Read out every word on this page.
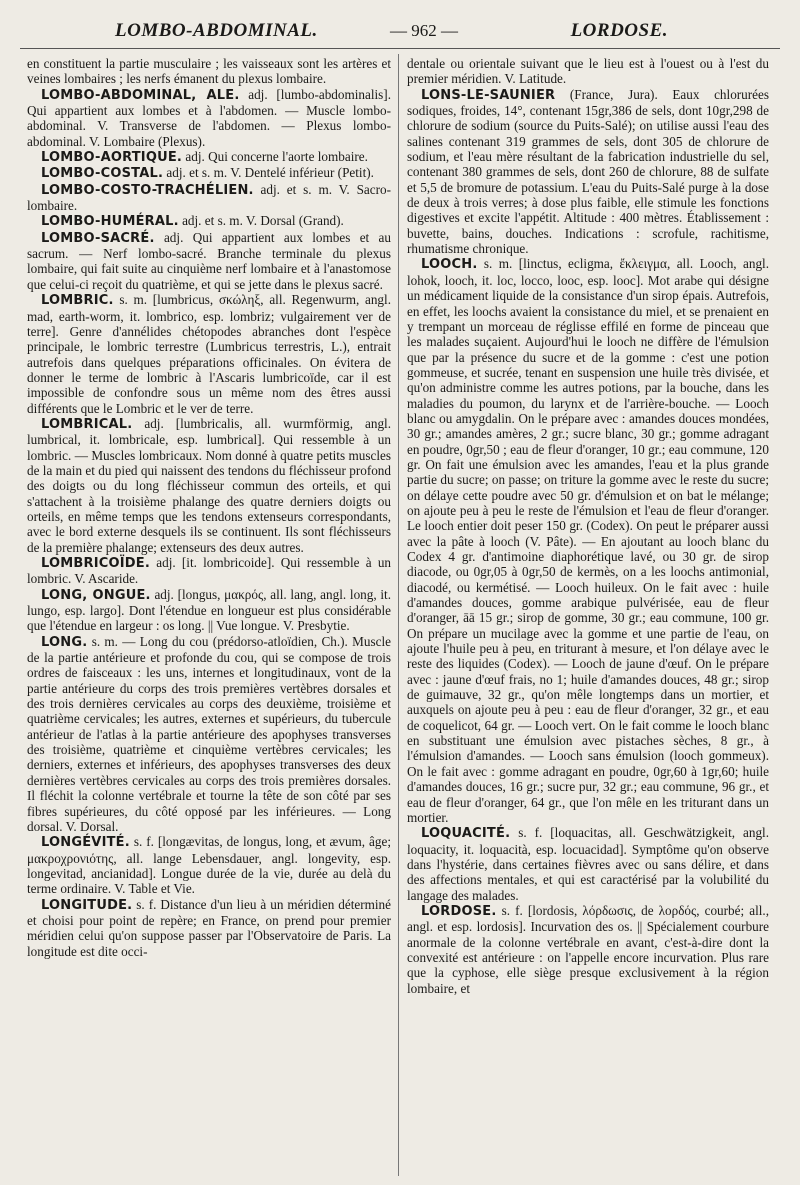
LOMBO-ABDOMINAL.	— 962 —	LORDOSE.

en constituent la partie musculaire ; les vaisseaux sont les artères et veines lombaires ; les nerfs émanent du plexus lombaire.

LOMBO-ABDOMINAL, ALE. adj. [lumbo-abdominalis]. Qui appartient aux lombes et à l'abdomen. — Muscle lombo-abdominal. V. Transverse de l'abdomen. — Plexus lombo-abdominal. V. Lombaire (Plexus).

LOMBO-AORTIQUE. adj. Qui concerne l'aorte lombaire.

LOMBO-COSTAL. adj. et s. m. V. Dentelé inférieur (Petit).

LOMBO-COSTO-TRACHÉLIEN. adj. et s. m. V. Sacro-lombaire.

LOMBO-HUMÉRAL. adj. et s. m. V. Dorsal (Grand).

LOMBO-SACRÉ. adj. Qui appartient aux lombes et au sacrum. — Nerf lombo-sacré. Branche terminale du plexus lombaire, qui fait suite au cinquième nerf lombaire et à l'anastomose que celui-ci reçoit du quatrième, et qui se jette dans le plexus sacré.

LOMBRIC. s. m. [lumbricus, σκώληξ, all. Regenwurm, angl. mad, earth-worm, it. lombrico, esp. lombriz; vulgairement ver de terre]. Genre d'annélides chétopodes abranches dont l'espèce principale, le lombric terrestre (Lumbricus terrestris, L.), entrait autrefois dans quelques préparations officinales. On évitera de donner le terme de lombric à l'Ascaris lumbricoïde, car il est impossible de confondre sous un même nom des êtres aussi différents que le Lombric et le ver de terre.

LOMBRICAL. adj. [lumbricalis, all. wurmförmig, angl. lumbrical, it. lombricale, esp. lumbrical]. Qui ressemble à un lombric. — Muscles lombricaux. Nom donné à quatre petits muscles de la main et du pied qui naissent des tendons du fléchisseur profond des doigts ou du long fléchisseur commun des orteils, et qui s'attachent à la troisième phalange des quatre derniers doigts ou orteils, en même temps que les tendons extenseurs correspondants, avec le bord externe desquels ils se continuent. Ils sont fléchisseurs de la première phalange; extenseurs des deux autres.

LOMBRICOÏDE. adj. [it. lombricoide]. Qui ressemble à un lombric. V. Ascaride.

LONG, ONGUE. adj. [longus, μακρός, all. lang, angl. long, it. lungo, esp. largo]. Dont l'étendue en longueur est plus considérable que l'étendue en largeur : os long. || Vue longue. V. Presbytie.

LONG. s. m. — Long du cou (prédorso-atloïdien, Ch.). Muscle de la partie antérieure et profonde du cou, qui se compose de trois ordres de faisceaux : les uns, internes et longitudinaux, vont de la partie antérieure du corps des trois premières vertèbres dorsales et des trois dernières cervicales au corps des deuxième, troisième et quatrième cervicales; les autres, externes et supérieurs, du tubercule antérieur de l'atlas à la partie antérieure des apophyses transverses des troisième, quatrième et cinquième vertèbres cervicales; les derniers, externes et inférieurs, des apophyses transverses des deux dernières vertèbres cervicales au corps des trois premières dorsales. Il fléchit la colonne vertébrale et tourne la tête de son côté par ses fibres supérieures, du côté opposé par les inférieures. — Long dorsal. V. Dorsal.

LONGÉVITÉ. s. f. [longævitas, de longus, long, et ævum, âge; μακροχρονιότης, all. lange Lebensdauer, angl. longevity, esp. longevitad, ancianidad]. Longue durée de la vie, durée au delà du terme ordinaire. V. Table et Vie.

LONGITUDE. s. f. Distance d'un lieu à un méridien déterminé et choisi pour point de repère; en France, on prend pour premier méridien celui qu'on suppose passer par l'Observatoire de Paris. La longitude est dite occi-

dentale ou orientale suivant que le lieu est à l'ouest ou à l'est du premier méridien. V. Latitude.

LONS-LE-SAUNIER (France, Jura). Eaux chlorurées sodiques, froides, 14°, contenant 15gr,386 de sels, dont 10gr,298 de chlorure de sodium (source du Puits-Salé); on utilise aussi l'eau des salines contenant 319 grammes de sels, dont 305 de chlorure de sodium, et l'eau mère résultant de la fabrication industrielle du sel, contenant 380 grammes de sels, dont 260 de chlorure, 88 de sulfate et 5,5 de bromure de potassium. L'eau du Puits-Salé purge à la dose de deux à trois verres; à dose plus faible, elle stimule les fonctions digestives et excite l'appétit. Altitude : 400 mètres. Établissement : buvette, bains, douches. Indications : scrofule, rachitisme, rhumatisme chronique.

LOOCH. s. m. [linctus, ecligma, ἔκλειγμα, all. Looch, angl. lohok, looch, it. loc, locco, looc, esp. looc]. Mot arabe qui désigne un médicament liquide de la consistance d'un sirop épais. Autrefois, en effet, les loochs avaient la consistance du miel, et se prenaient en y trempant un morceau de réglisse effilé en forme de pinceau que les malades suçaient. Aujourd'hui le looch ne diffère de l'émulsion que par la présence du sucre et de la gomme : c'est une potion gommeuse, et sucrée, tenant en suspension une huile très divisée, et qu'on administre comme les autres potions, par la bouche, dans les maladies du poumon, du larynx et de l'arrière-bouche. — Looch blanc ou amygdalin. On le prépare avec : amandes douces mondées, 30 gr.; amandes amères, 2 gr.; sucre blanc, 30 gr.; gomme adragant en poudre, 0gr,50 ; eau de fleur d'oranger, 10 gr.; eau commune, 120 gr. On fait une émulsion avec les amandes, l'eau et la plus grande partie du sucre; on passe; on triture la gomme avec le reste du sucre; on délaye cette poudre avec 50 gr. d'émulsion et on bat le mélange; on ajoute peu à peu le reste de l'émulsion et l'eau de fleur d'oranger. Le looch entier doit peser 150 gr. (Codex). On peut le préparer aussi avec la pâte à looch (V. Pâte). — En ajoutant au looch blanc du Codex 4 gr. d'antimoine diaphorétique lavé, ou 30 gr. de sirop diacode, ou 0gr,05 à 0gr,50 de kermès, on a les loochs antimonial, diacodé, ou kermétisé. — Looch huileux. On le fait avec : huile d'amandes douces, gomme arabique pulvérisée, eau de fleur d'oranger, āā 15 gr.; sirop de gomme, 30 gr.; eau commune, 100 gr. On prépare un mucilage avec la gomme et une partie de l'eau, on ajoute l'huile peu à peu, en triturant à mesure, et l'on délaye avec le reste des liquides (Codex). — Looch de jaune d'œuf. On le prépare avec : jaune d'œuf frais, no 1; huile d'amandes douces, 48 gr.; sirop de guimauve, 32 gr., qu'on mêle longtemps dans un mortier, et auxquels on ajoute peu à peu : eau de fleur d'oranger, 32 gr., et eau de coquelicot, 64 gr. — Looch vert. On le fait comme le looch blanc en substituant une émulsion avec pistaches sèches, 8 gr., à l'émulsion d'amandes. — Looch sans émulsion (looch gommeux). On le fait avec : gomme adragant en poudre, 0gr,60 à 1gr,60; huile d'amandes douces, 16 gr.; sucre pur, 32 gr.; eau commune, 96 gr., et eau de fleur d'oranger, 64 gr., que l'on mêle en les triturant dans un mortier.

LOQUACITÉ. s. f. [loquacitas, all. Geschwätzigkeit, angl. loquacity, it. loquacità, esp. locuacidad]. Symptôme qu'on observe dans l'hystérie, dans certaines fièvres avec ou sans délire, et dans des affections mentales, et qui est caractérisé par la volubilité du langage des malades.

LORDOSE. s. f. [lordosis, λόρδωσις, de λορδός, courbé; all., angl. et esp. lordosis]. Incurvation des os. || Spécialement courbure anormale de la colonne vertébrale en avant, c'est-à-dire dont la convexité est antérieure : on l'appelle encore incurvation. Plus rare que la cyphose, elle siège presque exclusivement à la région lombaire, et
